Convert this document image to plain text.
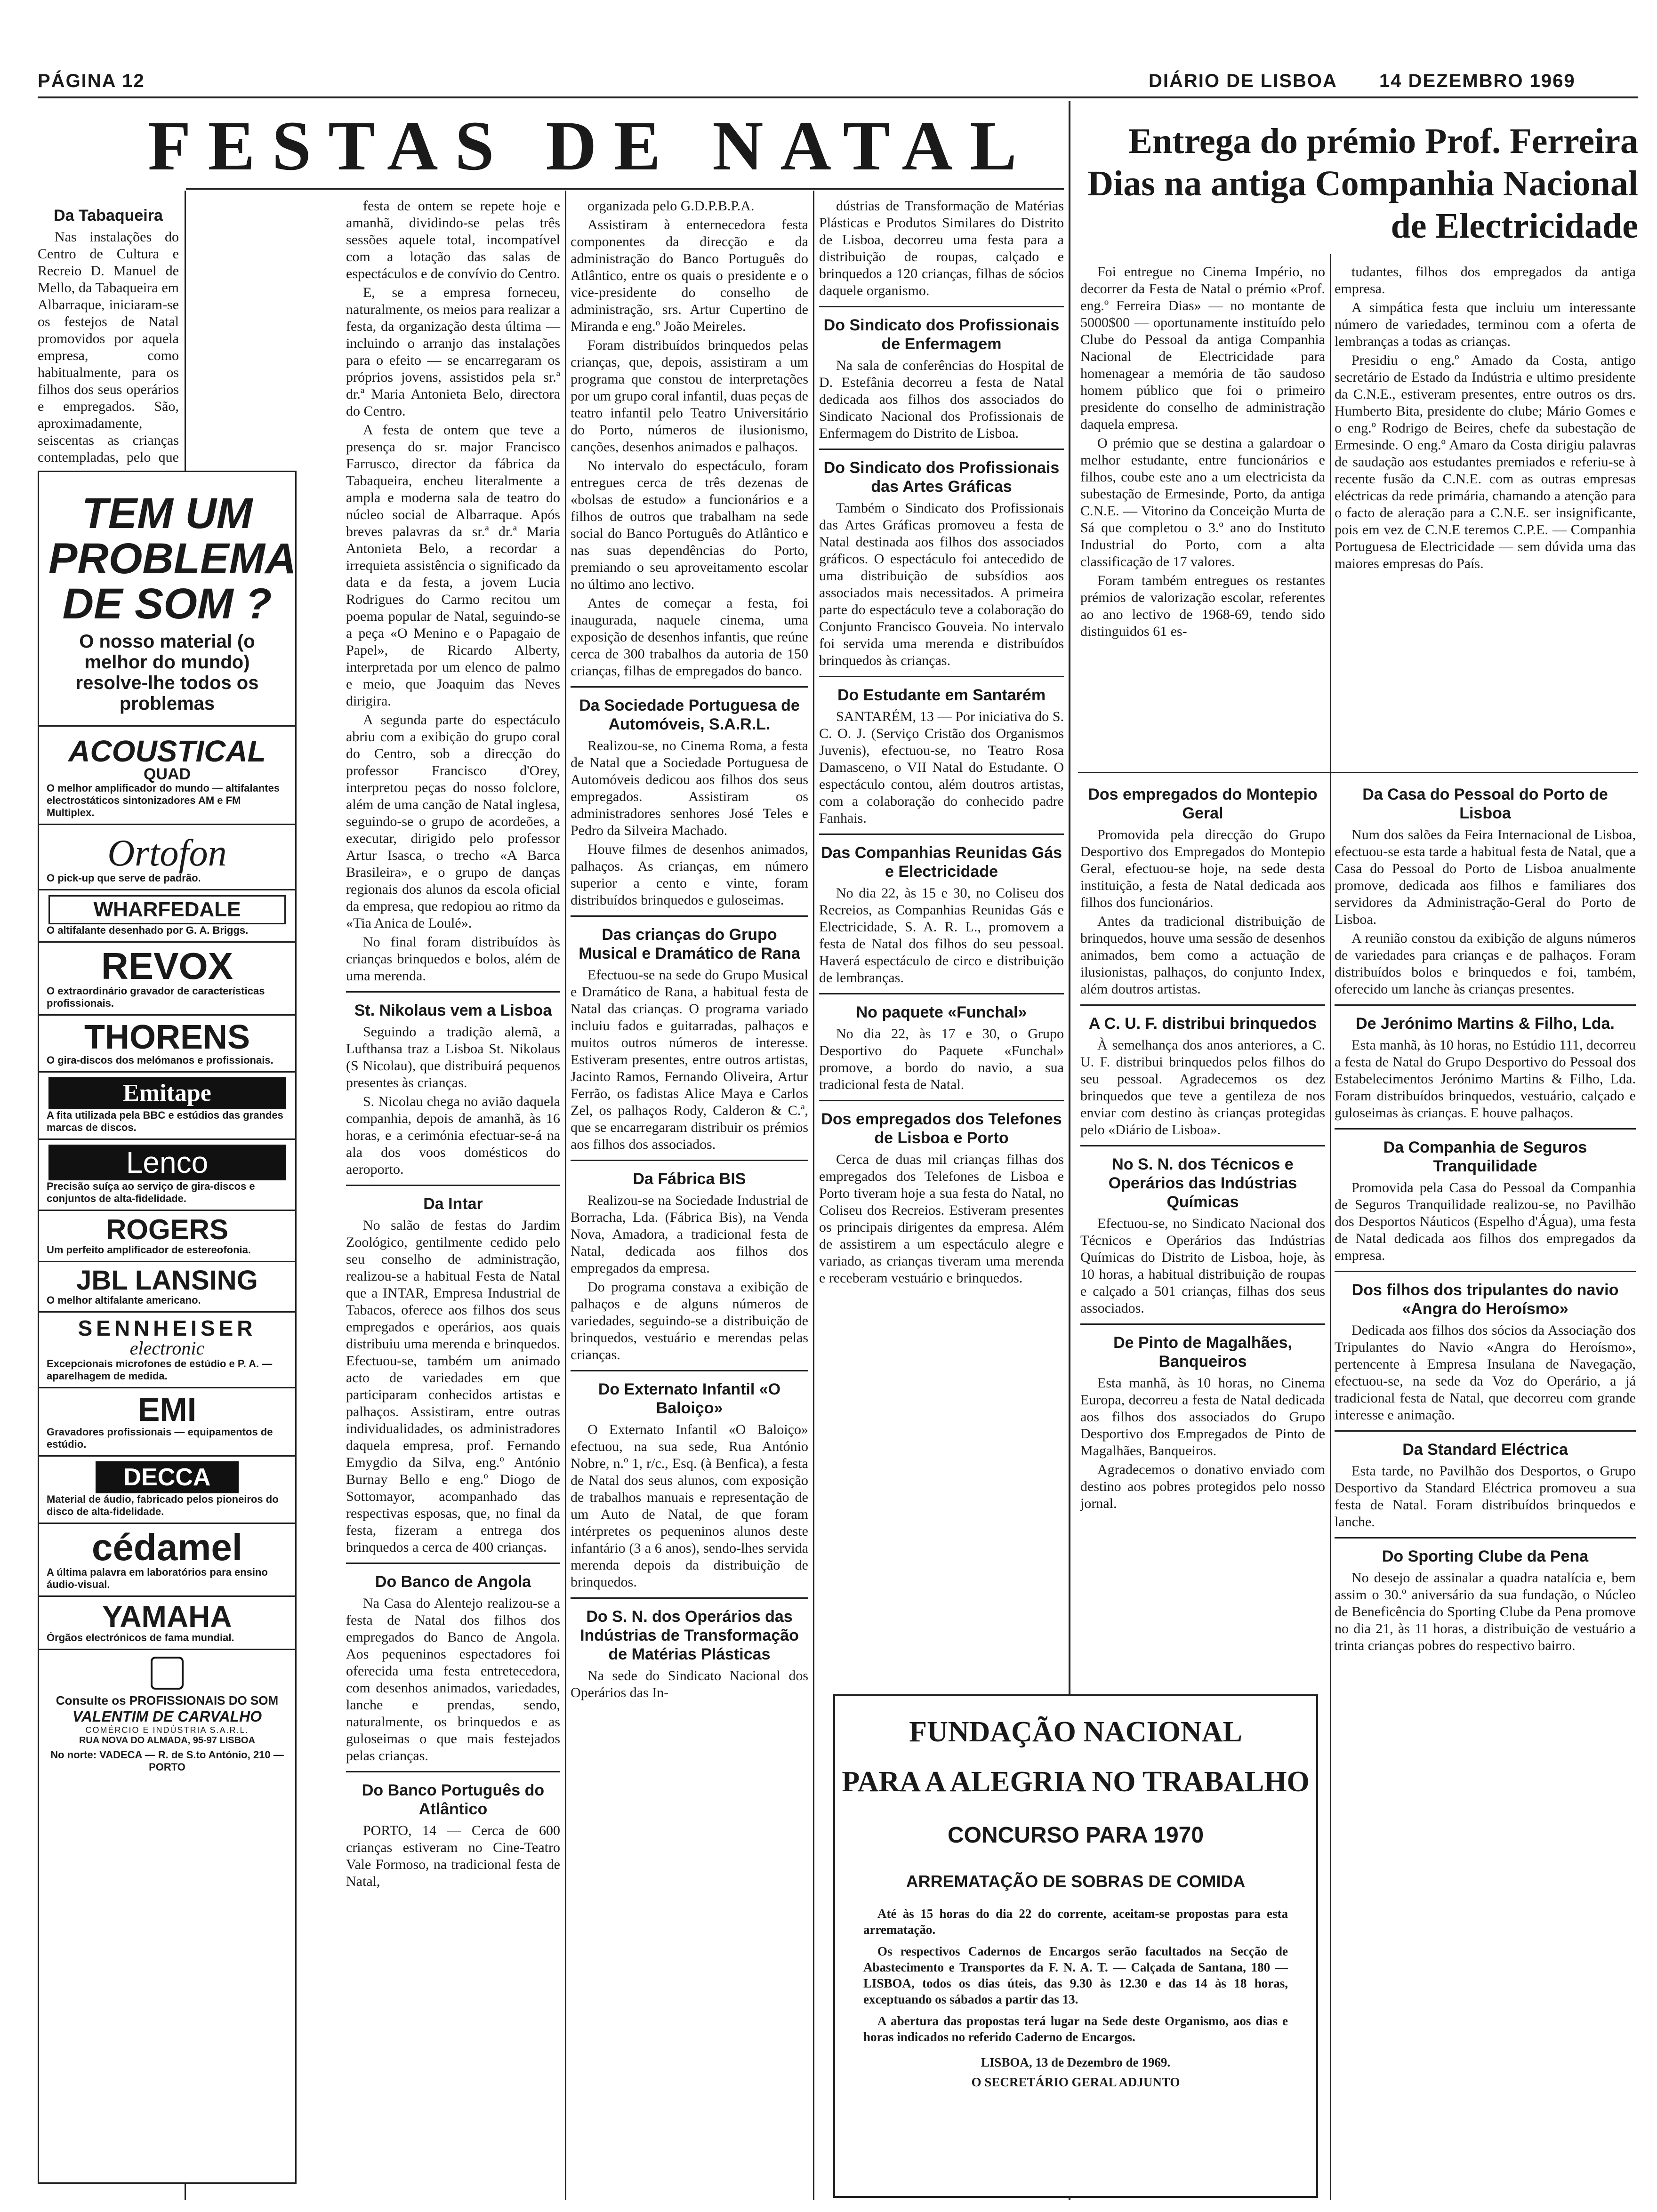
PÁGINA 12	DIÁRIO DE LISBOA 14 DEZEMBRO 1969
FESTAS DE NATAL
Da Tabaqueira

Nas instalações do Centro de Cultura e Recreio D. Manuel de Mello, da Tabaqueira em Albarraque, iniciaram-se os festejos de Natal promovidos por aquela empresa, como habitualmente, para os filhos dos seus operários e empregados. São, aproximadamente, seiscentas as crianças contempladas, pelo que

TEM UM
PROBLEMA
DE SOM ?
O nosso material (o melhor do mundo) resolve-lhe todos os problemas
ACOUSTICAL
QUAD
O melhor amplificador do mundo — altifalantes electrostáticos sintonizadores AM e FM Multiplex.
Ortofon
O pick-up que serve de padrão.
WHARFEDALE
O altifalante desenhado por G. A. Briggs.
REVOX
O extraordinário gravador de características profissionais.
THORENS
O gira-discos dos melómanos e profissionais.
Emitape
A fita utilizada pela BBC e estúdios das grandes marcas de discos.
Lenco
Precisão suíça ao serviço de gira-discos e conjuntos de alta-fidelidade.
ROGERS
Um perfeito amplificador de estereofonia.
JBL LANSING
O melhor altifalante americano.
SENNHEISER
electronic
Excepcionais microfones de estúdio e P. A. — aparelhagem de medida.
EMI
Gravadores profissionais — equipamentos de estúdio.
DECCA
Material de áudio, fabricado pelos pioneiros do disco de alta-fidelidade.
cédamel
A última palavra em laboratórios para ensino áudio-visual.
YAMAHA
Órgãos electrónicos de fama mundial.
Consulte os PROFISSIONAIS DO SOM
VALENTIM DE CARVALHO
COMÉRCIO E INDÚSTRIA S.A.R.L.
RUA NOVA DO ALMADA, 95-97 LISBOA
No norte: VADECA — R. de S.to António, 210 — PORTO

festa de ontem se repete hoje e amanhã, dividindo-se pelas três sessões aquele total, incompatível com a lotação das salas de espectáculos e de convívio do Centro.

E, se a empresa forneceu, naturalmente, os meios para realizar a festa, da organização desta última — incluindo o arranjo das instalações para o efeito — se encarregaram os próprios jovens, assistidos pela sr.ª dr.ª Maria Antonieta Belo, directora do Centro.

A festa de ontem que teve a presença do sr. major Francisco Farrusco, director da fábrica da Tabaqueira, encheu literalmente a ampla e moderna sala de teatro do núcleo social de Albarraque. Após breves palavras da sr.ª dr.ª Maria Antonieta Belo, a recordar a irrequieta assistência o significado da data e da festa, a jovem Lucia Rodrigues do Carmo recitou um poema popular de Natal, seguindo-se a peça «O Menino e o Papagaio de Papel», de Ricardo Alberty, interpretada por um elenco de palmo e meio, que Joaquim das Neves dirigira.

A segunda parte do espectáculo abriu com a exibição do grupo coral do Centro, sob a direcção do professor Francisco d'Orey, interpretou peças do nosso folclore, além de uma canção de Natal inglesa, seguindo-se o grupo de acordeões, a executar, dirigido pelo professor Artur Isasca, o trecho «A Barca Brasileira», e o grupo de danças regionais dos alunos da escola oficial da empresa, que redopiou ao ritmo da «Tia Anica de Loulé».

No final foram distribuídos às crianças brinquedos e bolos, além de uma merenda.

St. Nikolaus vem a Lisboa

Seguindo a tradição alemã, a Lufthansa traz a Lisboa St. Nikolaus (S Nicolau), que distribuirá pequenos presentes às crianças.

S. Nicolau chega no avião daquela companhia, depois de amanhã, às 16 horas, e a cerimónia efectuar-se-á na ala dos voos domésticos do aeroporto.

Da Intar

No salão de festas do Jardim Zoológico, gentilmente cedido pelo seu conselho de administração, realizou-se a habitual Festa de Natal que a INTAR, Empresa Industrial de Tabacos, oferece aos filhos dos seus empregados e operários, aos quais distribuiu uma merenda e brinquedos. Efectuou-se, também um animado acto de variedades em que participaram conhecidos artistas e palhaços. Assistiram, entre outras individualidades, os administradores daquela empresa, prof. Fernando Emygdio da Silva, eng.º António Burnay Bello e eng.º Diogo de Sottomayor, acompanhado das respectivas esposas, que, no final da festa, fizeram a entrega dos brinquedos a cerca de 400 crianças.

Do Banco de Angola

Na Casa do Alentejo realizou-se a festa de Natal dos filhos dos empregados do Banco de Angola. Aos pequeninos espectadores foi oferecida uma festa entretecedora, com desenhos animados, variedades, lanche e prendas, sendo, naturalmente, os brinquedos e as guloseimas o que mais festejados pelas crianças.

Do Banco Português do Atlântico

PORTO, 14 — Cerca de 600 crianças estiveram no Cine-Teatro Vale Formoso, na tradicional festa de Natal,

organizada pelo G.D.P.B.P.A.

Assistiram à enternecedora festa componentes da direcção e da administração do Banco Português do Atlântico, entre os quais o presidente e o vice-presidente do conselho de administração, srs. Artur Cupertino de Miranda e eng.º João Meireles.

Foram distribuídos brinquedos pelas crianças, que, depois, assistiram a um programa que constou de interpretações por um grupo coral infantil, duas peças de teatro infantil pelo Teatro Universitário do Porto, números de ilusionismo, canções, desenhos animados e palhaços.

No intervalo do espectáculo, foram entregues cerca de três dezenas de «bolsas de estudo» a funcionários e a filhos de outros que trabalham na sede social do Banco Português do Atlântico e nas suas dependências do Porto, premiando o seu aproveitamento escolar no último ano lectivo.

Antes de começar a festa, foi inaugurada, naquele cinema, uma exposição de desenhos infantis, que reúne cerca de 300 trabalhos da autoria de 150 crianças, filhas de empregados do banco.

Da Sociedade Portuguesa de Automóveis, S.A.R.L.

Realizou-se, no Cinema Roma, a festa de Natal que a Sociedade Portuguesa de Automóveis dedicou aos filhos dos seus empregados. Assistiram os administradores senhores José Teles e Pedro da Silveira Machado.

Houve filmes de desenhos animados, palhaços. As crianças, em número superior a cento e vinte, foram distribuídos brinquedos e guloseimas.

Das crianças do Grupo Musical e Dramático de Rana

Efectuou-se na sede do Grupo Musical e Dramático de Rana, a habitual festa de Natal das crianças. O programa variado incluiu fados e guitarradas, palhaços e muitos outros números de interesse. Estiveram presentes, entre outros artistas, Jacinto Ramos, Fernando Oliveira, Artur Ferrão, os fadistas Alice Maya e Carlos Zel, os palhaços Rody, Calderon & C.ª, que se encarregaram distribuir os prémios aos filhos dos associados.

Da Fábrica BIS

Realizou-se na Sociedade Industrial de Borracha, Lda. (Fábrica Bis), na Venda Nova, Amadora, a tradicional festa de Natal, dedicada aos filhos dos empregados da empresa.

Do programa constava a exibição de palhaços e de alguns números de variedades, seguindo-se a distribuição de brinquedos, vestuário e merendas pelas crianças.

Do Externato Infantil «O Baloiço»

O Externato Infantil «O Baloiço» efectuou, na sua sede, Rua António Nobre, n.º 1, r/c., Esq. (à Benfica), a festa de Natal dos seus alunos, com exposição de trabalhos manuais e representação de um Auto de Natal, de que foram intérpretes os pequeninos alunos deste infantário (3 a 6 anos), sendo-lhes servida merenda depois da distribuição de brinquedos.

Do S. N. dos Operários das Indústrias de Transformação de Matérias Plásticas

Na sede do Sindicato Nacional dos Operários das In-

dústrias de Transformação de Matérias Plásticas e Produtos Similares do Distrito de Lisboa, decorreu uma festa para a distribuição de roupas, calçado e brinquedos a 120 crianças, filhas de sócios daquele organismo.

Do Sindicato dos Profissionais de Enfermagem

Na sala de conferências do Hospital de D. Estefânia decorreu a festa de Natal dedicada aos filhos dos associados do Sindicato Nacional dos Profissionais de Enfermagem do Distrito de Lisboa.

Do Sindicato dos Profissionais das Artes Gráficas

Também o Sindicato dos Profissionais das Artes Gráficas promoveu a festa de Natal destinada aos filhos dos associados gráficos. O espectáculo foi antecedido de uma distribuição de subsídios aos associados mais necessitados. A primeira parte do espectáculo teve a colaboração do Conjunto Francisco Gouveia. No intervalo foi servida uma merenda e distribuídos brinquedos às crianças.

Do Estudante em Santarém

SANTARÉM, 13 — Por iniciativa do S. C. O. J. (Serviço Cristão dos Organismos Juvenis), efectuou-se, no Teatro Rosa Damasceno, o VII Natal do Estudante. O espectáculo contou, além doutros artistas, com a colaboração do conhecido padre Fanhais.

Das Companhias Reunidas Gás e Electricidade

No dia 22, às 15 e 30, no Coliseu dos Recreios, as Companhias Reunidas Gás e Electricidade, S. A. R. L., promovem a festa de Natal dos filhos do seu pessoal. Haverá espectáculo de circo e distribuição de lembranças.

No paquete «Funchal»

No dia 22, às 17 e 30, o Grupo Desportivo do Paquete «Funchal» promove, a bordo do navio, a sua tradicional festa de Natal.

Dos empregados dos Telefones de Lisboa e Porto

Cerca de duas mil crianças filhas dos empregados dos Telefones de Lisboa e Porto tiveram hoje a sua festa do Natal, no Coliseu dos Recreios. Estiveram presentes os principais dirigentes da empresa. Além de assistirem a um espectáculo alegre e variado, as crianças tiveram uma merenda e receberam vestuário e brinquedos.

Entrega do prémio Prof. Ferreira Dias na antiga Companhia Nacional de Electricidade

Foi entregue no Cinema Império, no decorrer da Festa de Natal o prémio «Prof. eng.º Ferreira Dias» — no montante de 5000$00 — oportunamente instituído pelo Clube do Pessoal da antiga Companhia Nacional de Electricidade para homenagear a memória de tão saudoso homem público que foi o primeiro presidente do conselho de administração daquela empresa.

O prémio que se destina a galardoar o melhor estudante, entre funcionários e filhos, coube este ano a um electricista da subestação de Ermesinde, Porto, da antiga C.N.E. — Vitorino da Conceição Murta de Sá que completou o 3.º ano do Instituto Industrial do Porto, com a alta classificação de 17 valores.

Foram também entregues os restantes prémios de valorização escolar, referentes ao ano lectivo de 1968-69, tendo sido distinguidos 61 es-

tudantes, filhos dos empregados da antiga empresa.

A simpática festa que incluiu um interessante número de variedades, terminou com a oferta de lembranças a todas as crianças.

Presidiu o eng.º Amado da Costa, antigo secretário de Estado da Indústria e ultimo presidente da C.N.E., estiveram presentes, entre outros os drs. Humberto Bita, presidente do clube; Mário Gomes e o eng.º Rodrigo de Beires, chefe da subestação de Ermesinde. O eng.º Amaro da Costa dirigiu palavras de saudação aos estudantes premiados e referiu-se à recente fusão da C.N.E. com as outras empresas eléctricas da rede primária, chamando a atenção para o facto de aleração para a C.N.E. ser insignificante, pois em vez de C.N.E teremos C.P.E. — Companhia Portuguesa de Electricidade — sem dúvida uma das maiores empresas do País.

Dos empregados do Montepio Geral

Promovida pela direcção do Grupo Desportivo dos Empregados do Montepio Geral, efectuou-se hoje, na sede desta instituição, a festa de Natal dedicada aos filhos dos funcionários.

Antes da tradicional distribuição de brinquedos, houve uma sessão de desenhos animados, bem como a actuação de ilusionistas, palhaços, do conjunto Index, além doutros artistas.

A C. U. F. distribui brinquedos

À semelhança dos anos anteriores, a C. U. F. distribui brinquedos pelos filhos do seu pessoal. Agradecemos os dez brinquedos que teve a gentileza de nos enviar com destino às crianças protegidas pelo «Diário de Lisboa».

No S. N. dos Técnicos e Operários das Indústrias Químicas

Efectuou-se, no Sindicato Nacional dos Técnicos e Operários das Indústrias Químicas do Distrito de Lisboa, hoje, às 10 horas, a habitual distribuição de roupas e calçado a 501 crianças, filhas dos seus associados.

De Pinto de Magalhães, Banqueiros

Esta manhã, às 10 horas, no Cinema Europa, decorreu a festa de Natal dedicada aos filhos dos associados do Grupo Desportivo dos Empregados de Pinto de Magalhães, Banqueiros.

Agradecemos o donativo enviado com destino aos pobres protegidos pelo nosso jornal.

Da Casa do Pessoal do Porto de Lisboa

Num dos salões da Feira Internacional de Lisboa, efectuou-se esta tarde a habitual festa de Natal, que a Casa do Pessoal do Porto de Lisboa anualmente promove, dedicada aos filhos e familiares dos servidores da Administração-Geral do Porto de Lisboa.

A reunião constou da exibição de alguns números de variedades para crianças e de palhaços. Foram distribuídos bolos e brinquedos e foi, também, oferecido um lanche às crianças presentes.

De Jerónimo Martins & Filho, Lda.

Esta manhã, às 10 horas, no Estúdio 111, decorreu a festa de Natal do Grupo Desportivo do Pessoal dos Estabelecimentos Jerónimo Martins & Filho, Lda. Foram distribuídos brinquedos, vestuário, calçado e guloseimas às crianças. E houve palhaços.

Da Companhia de Seguros Tranquilidade

Promovida pela Casa do Pessoal da Companhia de Seguros Tranquilidade realizou-se, no Pavilhão dos Desportos Náuticos (Espelho d'Água), uma festa de Natal dedicada aos filhos dos empregados da empresa.

Dos filhos dos tripulantes do navio «Angra do Heroísmo»

Dedicada aos filhos dos sócios da Associação dos Tripulantes do Navio «Angra do Heroísmo», pertencente à Empresa Insulana de Navegação, efectuou-se, na sede da Voz do Operário, a já tradicional festa de Natal, que decorreu com grande interesse e animação.

Da Standard Eléctrica

Esta tarde, no Pavilhão dos Desportos, o Grupo Desportivo da Standard Eléctrica promoveu a sua festa de Natal. Foram distribuídos brinquedos e lanche.

Do Sporting Clube da Pena

No desejo de assinalar a quadra natalícia e, bem assim o 30.º aniversário da sua fundação, o Núcleo de Beneficência do Sporting Clube da Pena promove no dia 21, às 11 horas, a distribuição de vestuário a trinta crianças pobres do respectivo bairro.

FUNDAÇÃO NACIONAL
PARA A ALEGRIA NO TRABALHO
CONCURSO PARA 1970
ARREMATAÇÃO DE SOBRAS DE COMIDA

Até às 15 horas do dia 22 do corrente, aceitam-se propostas para esta arrematação.

Os respectivos Cadernos de Encargos serão facultados na Secção de Abastecimento e Transportes da F. N. A. T. — Calçada de Santana, 180 — LISBOA, todos os dias úteis, das 9.30 às 12.30 e das 14 às 18 horas, exceptuando os sábados a partir das 13.

A abertura das propostas terá lugar na Sede deste Organismo, aos dias e horas indicados no referido Caderno de Encargos.

LISBOA, 13 de Dezembro de 1969.
O SECRETÁRIO GERAL ADJUNTO
